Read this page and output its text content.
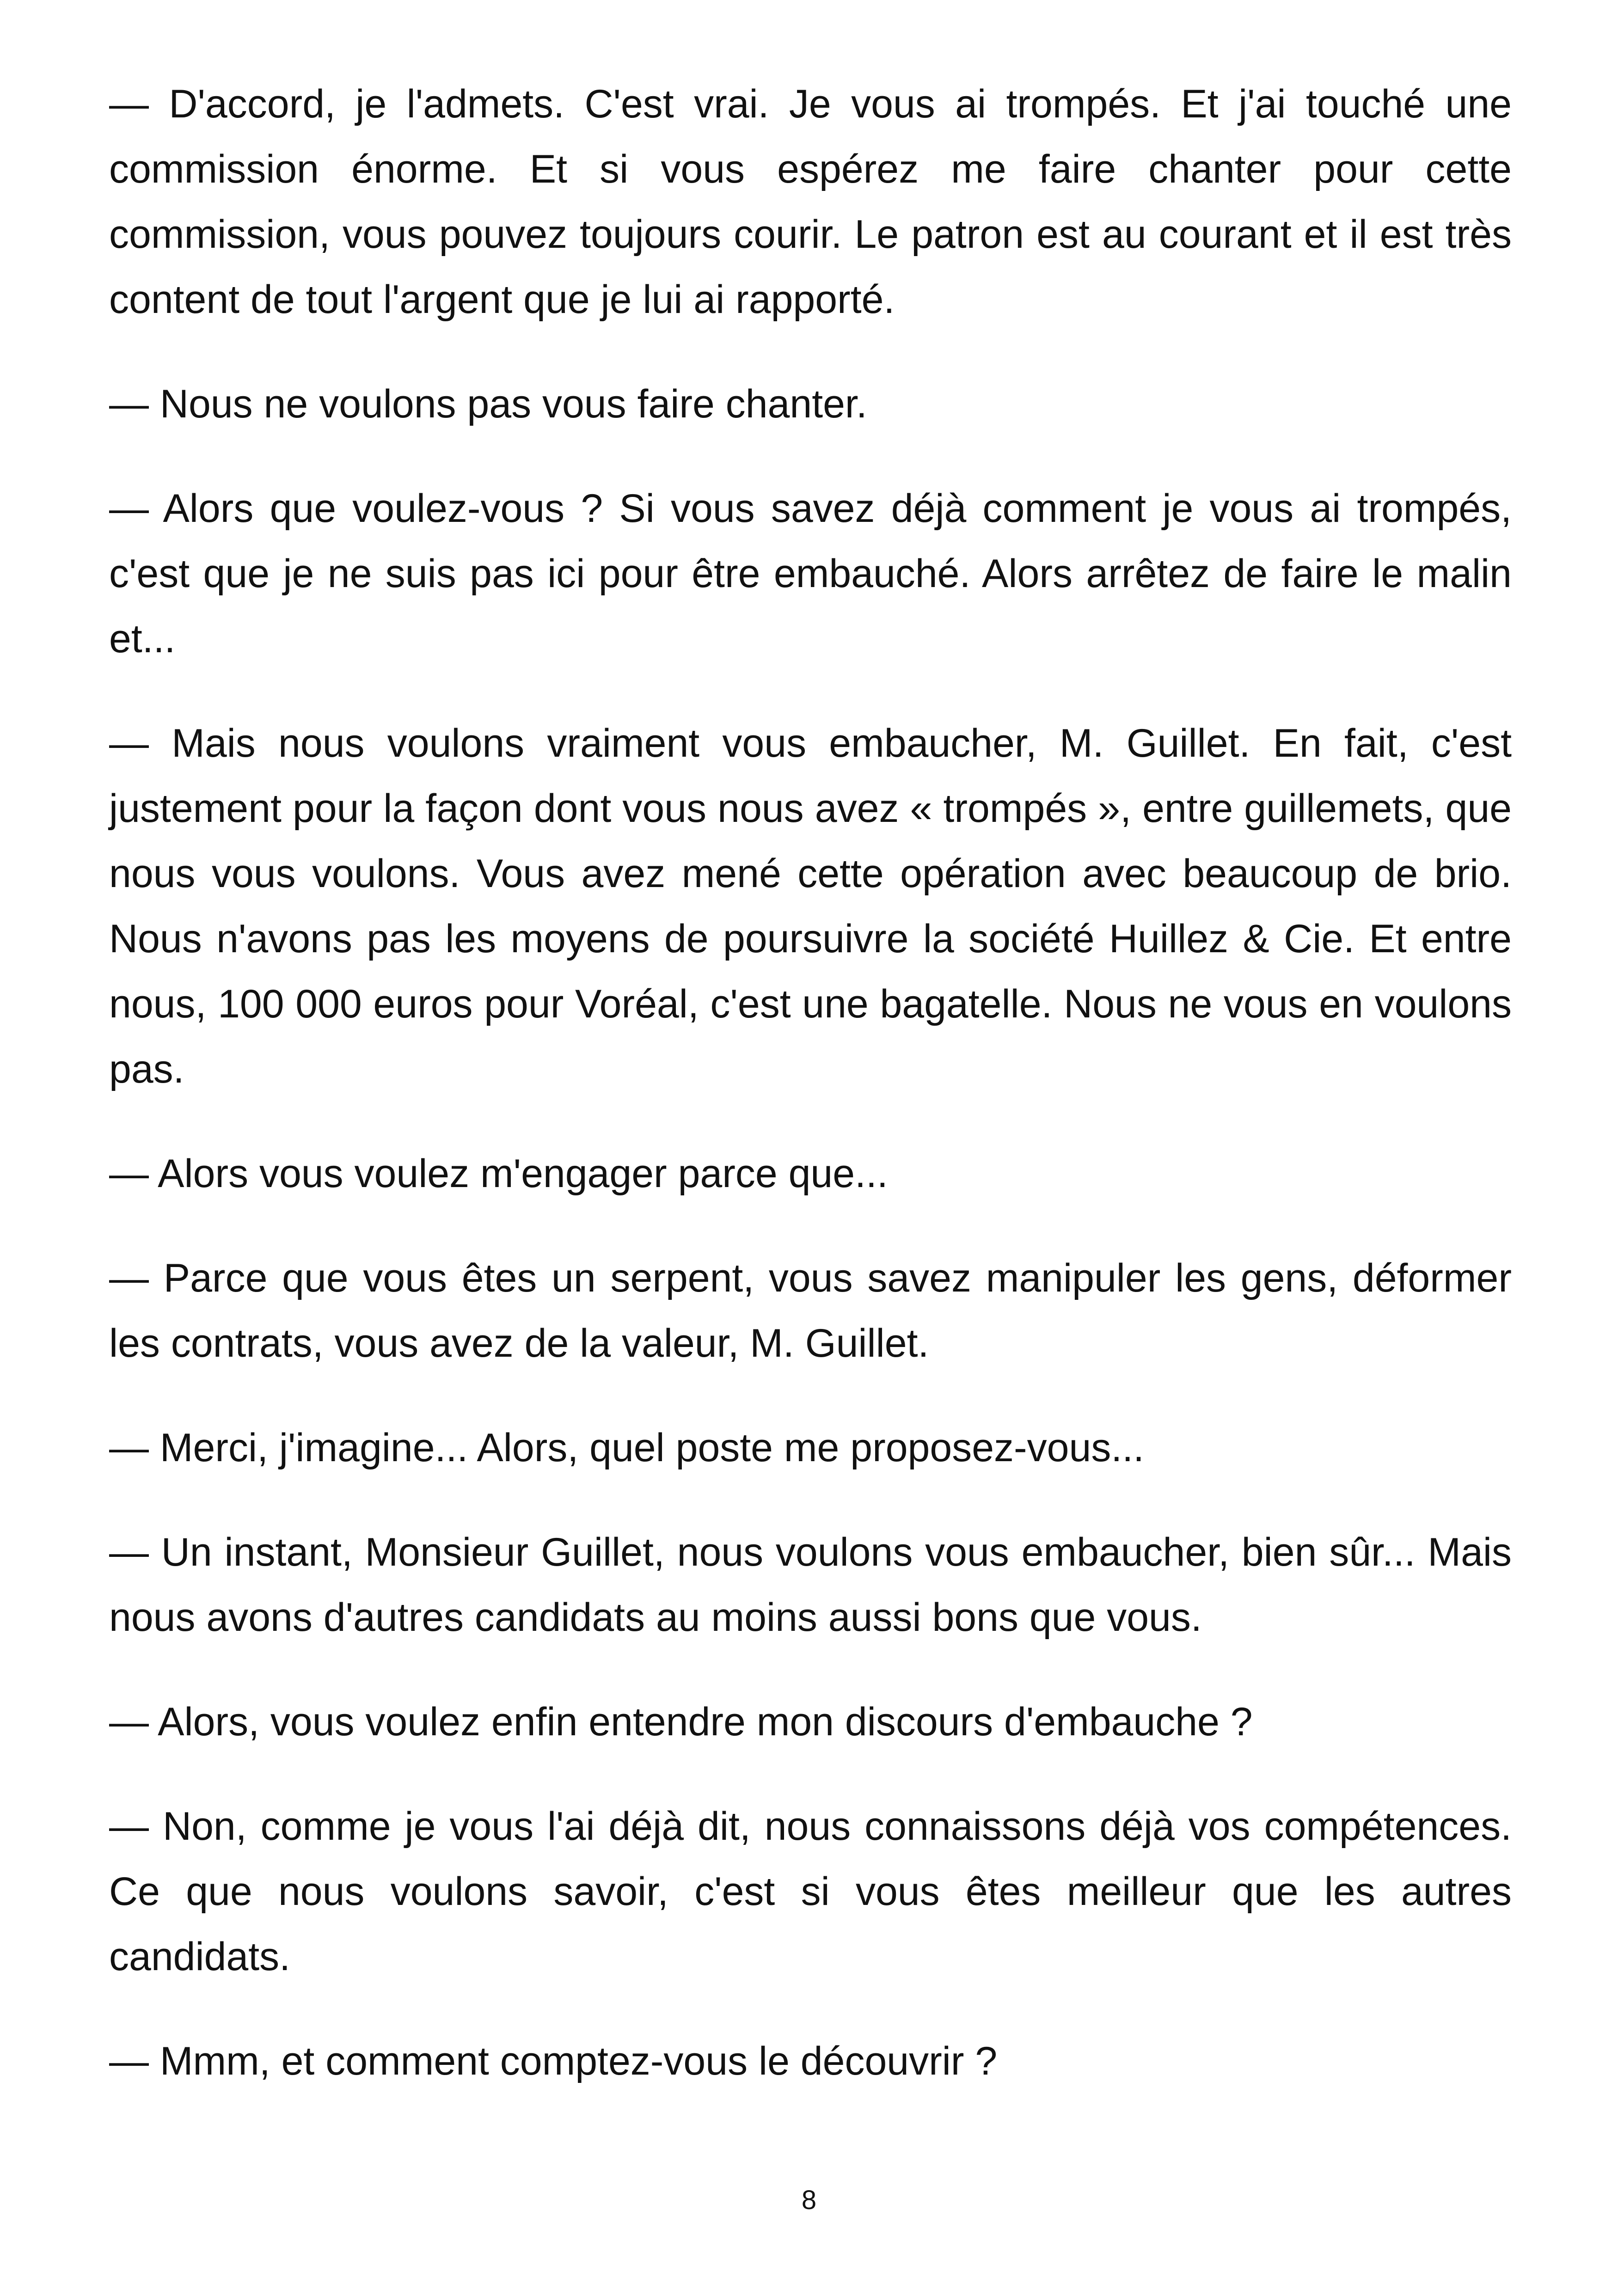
— D'accord, je l'admets. C'est vrai. Je vous ai trompés. Et j'ai touché une commission énorme. Et si vous espérez me faire chanter pour cette commission, vous pouvez toujours courir. Le patron est au courant et il est très content de tout l'argent que je lui ai rapporté.

— Nous ne voulons pas vous faire chanter.

— Alors que voulez-vous ? Si vous savez déjà comment je vous ai trompés, c'est que je ne suis pas ici pour être embauché. Alors arrêtez de faire le malin et...

— Mais nous voulons vraiment vous embaucher, M. Guillet. En fait, c'est justement pour la façon dont vous nous avez « trompés », entre guillemets, que nous vous voulons. Vous avez mené cette opération avec beaucoup de brio. Nous n'avons pas les moyens de poursuivre la société Huillez & Cie. Et entre nous, 100 000 euros pour Voréal, c'est une bagatelle. Nous ne vous en voulons pas.

— Alors vous voulez m'engager parce que...

— Parce que vous êtes un serpent, vous savez manipuler les gens, déformer les contrats, vous avez de la valeur, M. Guillet.

— Merci, j'imagine... Alors, quel poste me proposez-vous...

— Un instant, Monsieur Guillet, nous voulons vous embaucher, bien sûr... Mais nous avons d'autres candidats au moins aussi bons que vous.

— Alors, vous voulez enfin entendre mon discours d'embauche ?

— Non, comme je vous l'ai déjà dit, nous connaissons déjà vos compétences. Ce que nous voulons savoir, c'est si vous êtes meilleur que les autres candidats.

— Mmm, et comment comptez-vous le découvrir ?

8
